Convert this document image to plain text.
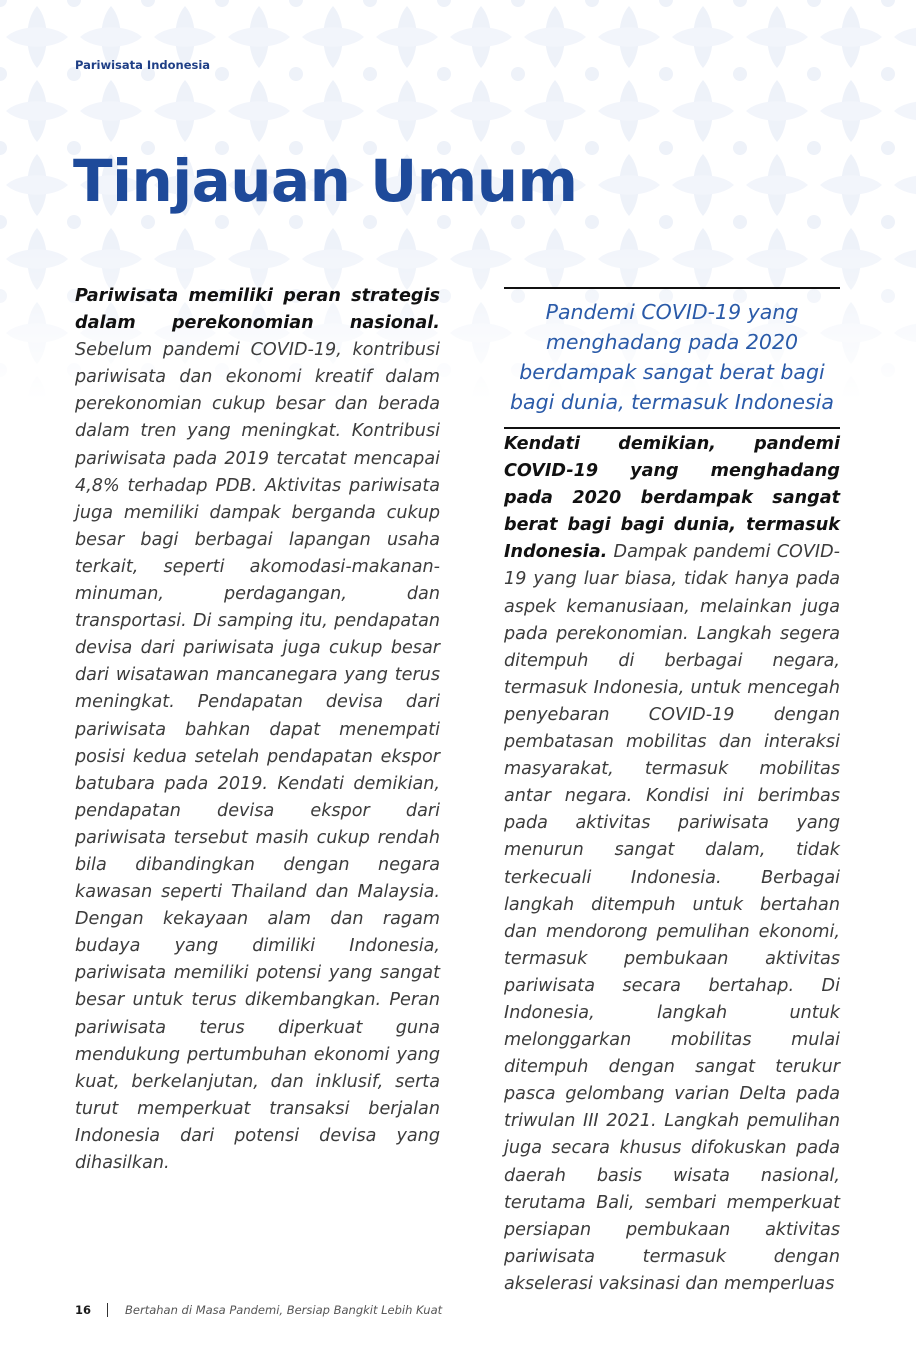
Pariwisata Indonesia
Tinjauan Umum

Pariwisata memiliki peran strategis dalam perekonomian nasional. Sebelum pandemi COVID-19, kontribusi pariwisata dan ekonomi kreatif dalam perekonomian cukup besar dan berada dalam tren yang meningkat. Kontribusi pariwisata pada 2019 tercatat mencapai 4,8% terhadap PDB. Aktivitas pariwisata juga memiliki dampak berganda cukup besar bagi berbagai lapangan usaha terkait, seperti akomodasi-makanan-minuman, perdagangan, dan transportasi. Di samping itu, pendapatan devisa dari pariwisata juga cukup besar dari wisatawan mancanegara yang terus meningkat. Pendapatan devisa dari pariwisata bahkan dapat menempati posisi kedua setelah pendapatan ekspor batubara pada 2019. Kendati demikian, pendapatan devisa ekspor dari pariwisata tersebut masih cukup rendah bila dibandingkan dengan negara kawasan seperti Thailand dan Malaysia. Dengan kekayaan alam dan ragam budaya yang dimiliki Indonesia, pariwisata memiliki potensi yang sangat besar untuk terus dikembangkan. Peran pariwisata terus diperkuat guna mendukung pertumbuhan ekonomi yang kuat, berkelanjutan, dan inklusif, serta turut memperkuat transaksi berjalan Indonesia dari potensi devisa yang dihasilkan.

Pandemi COVID-19 yang menghadang pada 2020 berdampak sangat berat bagi bagi dunia, termasuk Indonesia

Kendati demikian, pandemi COVID-19 yang menghadang pada 2020 berdampak sangat berat bagi bagi dunia, termasuk Indonesia. Dampak pandemi COVID-19 yang luar biasa, tidak hanya pada aspek kemanusiaan, melainkan juga pada perekonomian. Langkah segera ditempuh di berbagai negara, termasuk Indonesia, untuk mencegah penyebaran COVID-19 dengan pembatasan mobilitas dan interaksi masyarakat, termasuk mobilitas antar negara. Kondisi ini berimbas pada aktivitas pariwisata yang menurun sangat dalam, tidak terkecuali Indonesia. Berbagai langkah ditempuh untuk bertahan dan mendorong pemulihan ekonomi, termasuk pembukaan aktivitas pariwisata secara bertahap. Di Indonesia, langkah untuk melonggarkan mobilitas mulai ditempuh dengan sangat terukur pasca gelombang varian Delta pada triwulan III 2021. Langkah pemulihan juga secara khusus difokuskan pada daerah basis wisata nasional, terutama Bali, sembari memperkuat persiapan pembukaan aktivitas pariwisata termasuk dengan akselerasi vaksinasi dan memperluas

16	Bertahan di Masa Pandemi, Bersiap Bangkit Lebih Kuat
